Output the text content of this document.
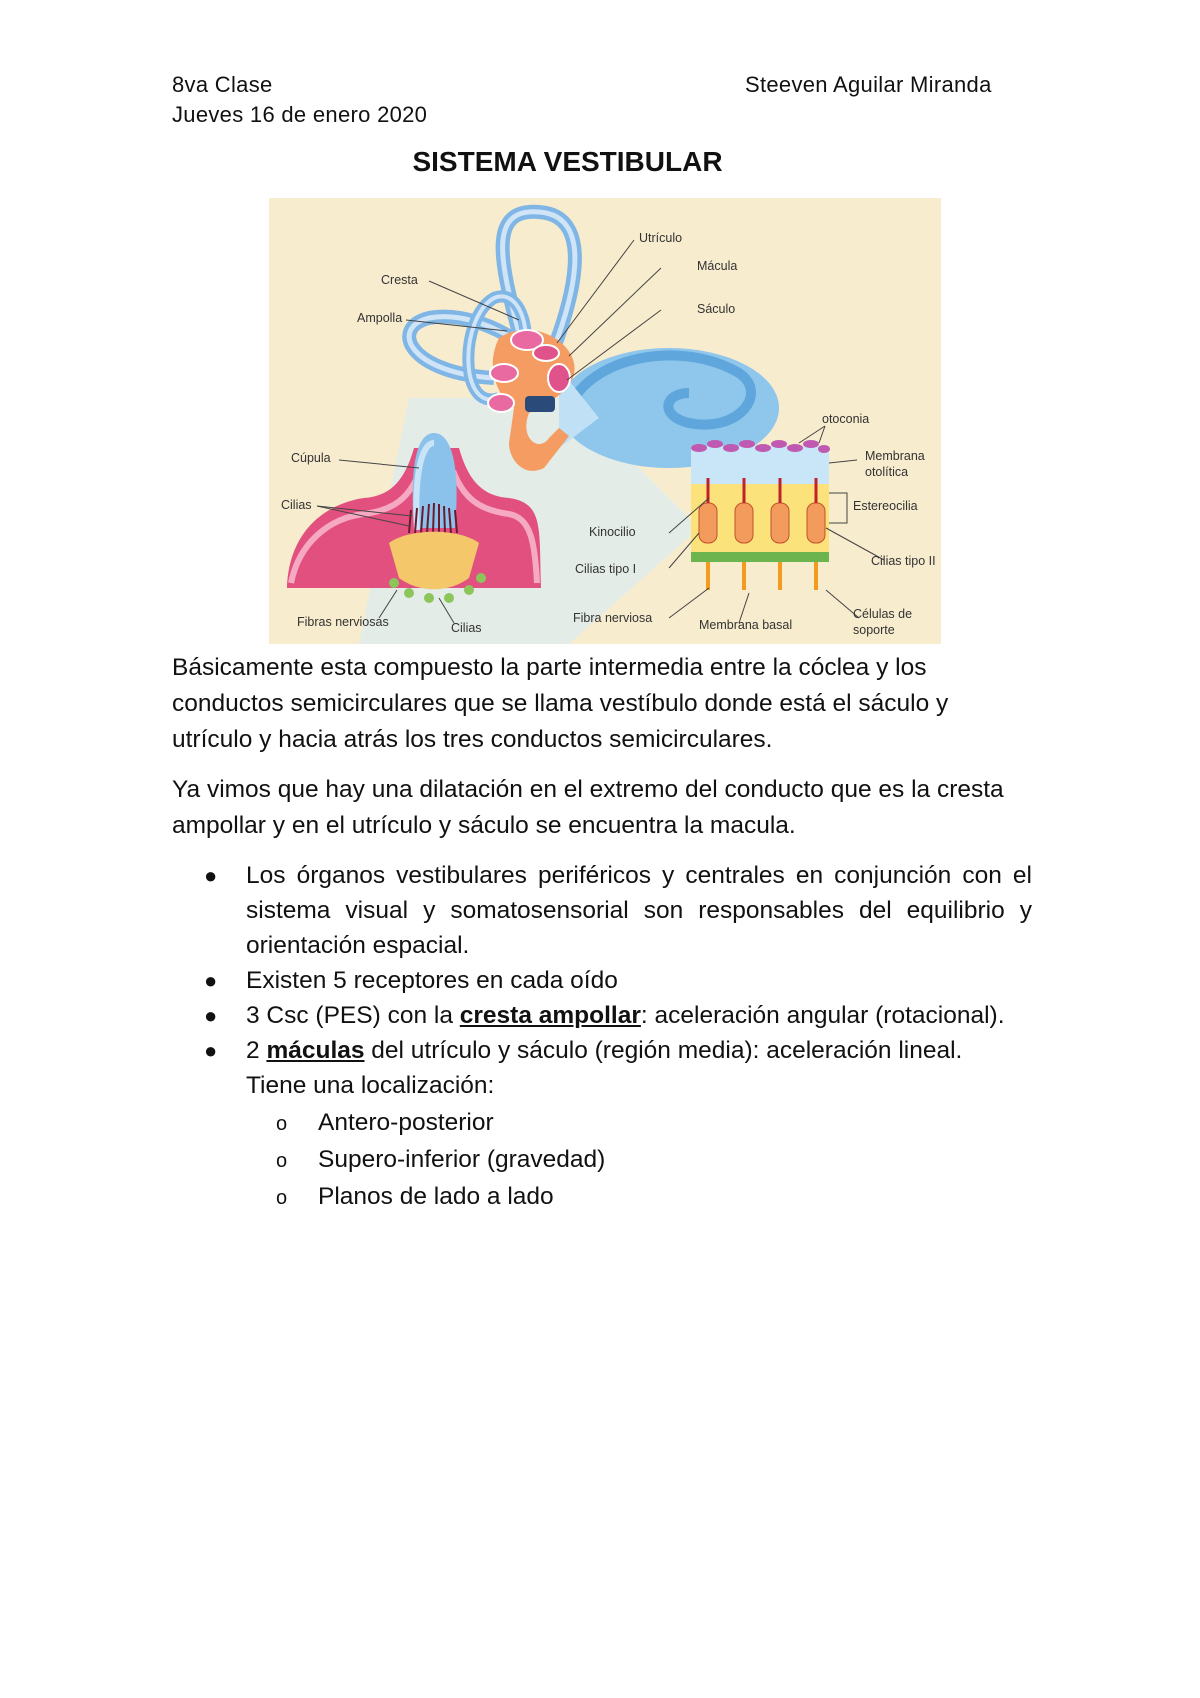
8va Clase
Jueves 16 de enero 2020
Steeven Aguilar Miranda
SISTEMA VESTIBULAR
Utrículo
Mácula
Cresta
Sáculo
Ampolla
Cúpula
Cilias
Fibras nerviosas	Cilias
otoconia
Membrana
otolítica
Estereocilia
Kinocilio
Cilias tipo I
Cilias tipo II
Fibra nerviosa	Membrana basal
Células de
soporte

Básicamente esta compuesto la parte intermedia entre la cóclea y los conductos semicirculares que se llama vestíbulo donde está el sáculo y utrículo y hacia atrás los tres conductos semicirculares.

Ya vimos que hay una dilatación en el extremo del conducto que es la cresta ampollar y en el utrículo y sáculo se encuentra la macula.

● Los órganos vestibulares periféricos y centrales en conjunción con el sistema visual y somatosensorial son responsables del equilibrio y orientación espacial.
● Existen 5 receptores en cada oído
● 3 Csc (PES) con la cresta ampollar: aceleración angular (rotacional).
● 2 máculas del utrículo y sáculo (región media): aceleración lineal.
Tiene una localización:
o Antero-posterior
o Supero-inferior (gravedad)
o Planos de lado a lado
